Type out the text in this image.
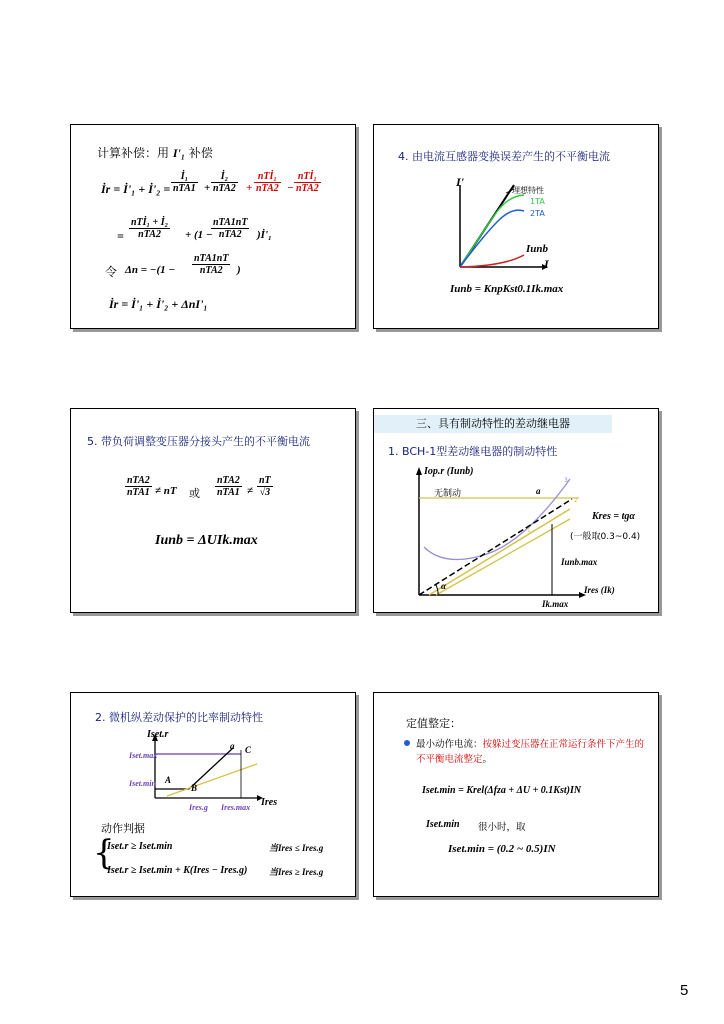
计算补偿：用 I'₁ 补偿
İr = İ'₁ + İ'₂ =
İ₁
nTA1 +
İ₂
nTA2 +
nTİ₁
nTA2 −
nTİ₁
nTA2
=
nTİ₁ + İ₂
nTA2	+ (1 −
nTA1nT
nTA2	)İ'₁
令 Δn = −(1 −
nTA1nT
nTA2	)
İr = İ'₁ + İ'₂ + ΔnI'₁
4. 由电流互感器变换误差产生的不平衡电流
I'
理想特性
1TA
2TA
Iunb
I
Iunb = KnpKst0.1Ik.max
5. 带负荷调整变压器分接头产生的不平衡电流
nTA2
nTA1 ≠ nT 或
nTA2
$nTA1 \ne \frac{nT}{√3}$
Iunb = ΔUIk.max
三、具有制动特性的差动继电器
1. BCH-1型差动继电器的制动特性
Iop.r (Iunb)
无制动	a
3
2
1
Kres = tgα
(一般取0.3~0.4)
Iunb.max
α	Ires (Ik)
Ik.max
2. 微机纵差动保护的比率制动特性
Iset.r
Iset.max
Iset.min
a C
A
B
Ires.g Ires.max Ires
动作判据
{
Iset.r ≥ Iset.min	当Ires ≤ Ires.g
Iset.r ≥ Iset.min + K(Ires − Ires.g) 当Ires ≥ Ires.g
定值整定：
最小动作电流：按躲过变压器在正常运行条件下产生的不平衡电流整定。
Iset.min = Krel(Δfza + ΔU + 0.1Kst)IN
Iset.min 很小时，取
Iset.min = (0.2 ~ 0.5)IN
5
